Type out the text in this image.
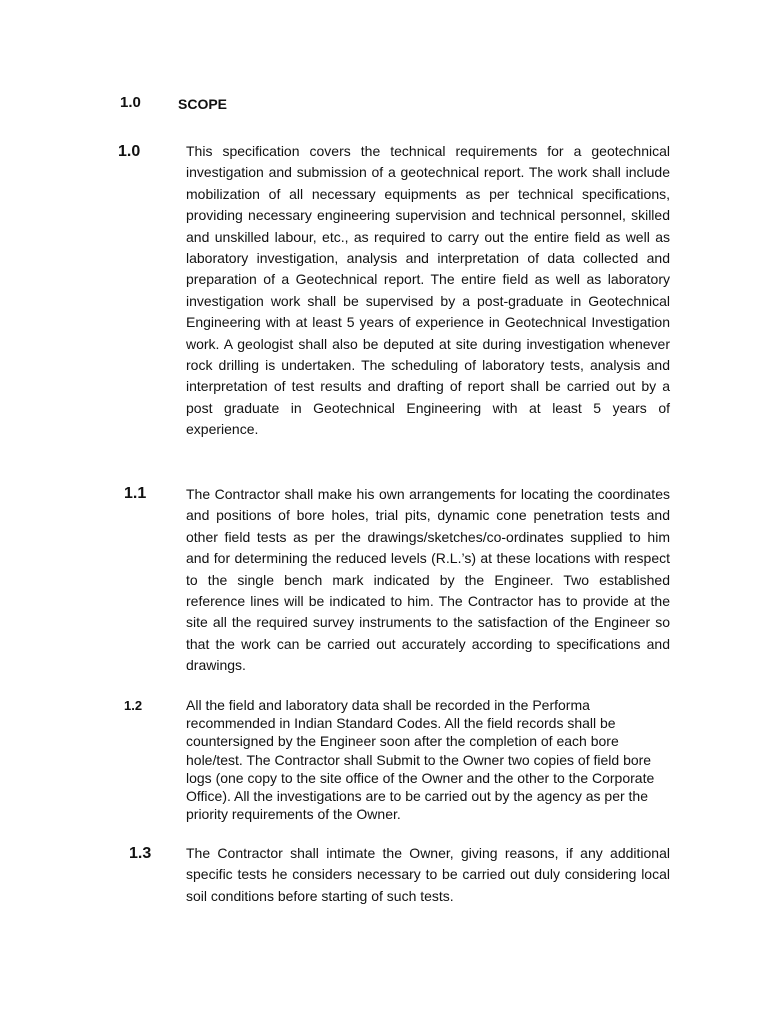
1.0	SCOPE
1.0	This specification covers the technical requirements for a geotechnical investigation and submission of a geotechnical report. The work shall include mobilization of all necessary equipments as per technical specifications, providing necessary engineering supervision and technical personnel, skilled and unskilled labour, etc., as required to carry out the entire field as well as laboratory investigation, analysis and interpretation of data collected and preparation of a Geotechnical report. The entire field as well as laboratory investigation work shall be supervised by a post-graduate in Geotechnical Engineering with at least 5 years of experience in Geotechnical Investigation work. A geologist shall also be deputed at site during investigation whenever rock drilling is undertaken. The scheduling of laboratory tests, analysis and interpretation of test results and drafting of report shall be carried out by a post graduate in Geotechnical Engineering with at least 5 years of experience.
1.1	The Contractor shall make his own arrangements for locating the coordinates and positions of bore holes, trial pits, dynamic cone penetration tests and other field tests as per the drawings/sketches/co-ordinates supplied to him and for determining the reduced levels (R.L.’s) at these locations with respect to the single bench mark indicated by the Engineer. Two established reference lines will be indicated to him. The Contractor has to provide at the site all the required survey instruments to the satisfaction of the Engineer so that the work can be carried out accurately according to specifications and drawings.
1.2	All the field and laboratory data shall be recorded in the Performa recommended in Indian Standard Codes. All the field records shall be countersigned by the Engineer soon after the completion of each bore hole/test. The Contractor shall Submit to the Owner two copies of field bore logs (one copy to the site office of the Owner and the other to the Corporate Office). All the investigations are to be carried out by the agency as per the priority requirements of the Owner.
1.3 The Contractor shall intimate the Owner, giving reasons, if any additional specific tests he considers necessary to be carried out duly considering local soil conditions before starting of such tests.
